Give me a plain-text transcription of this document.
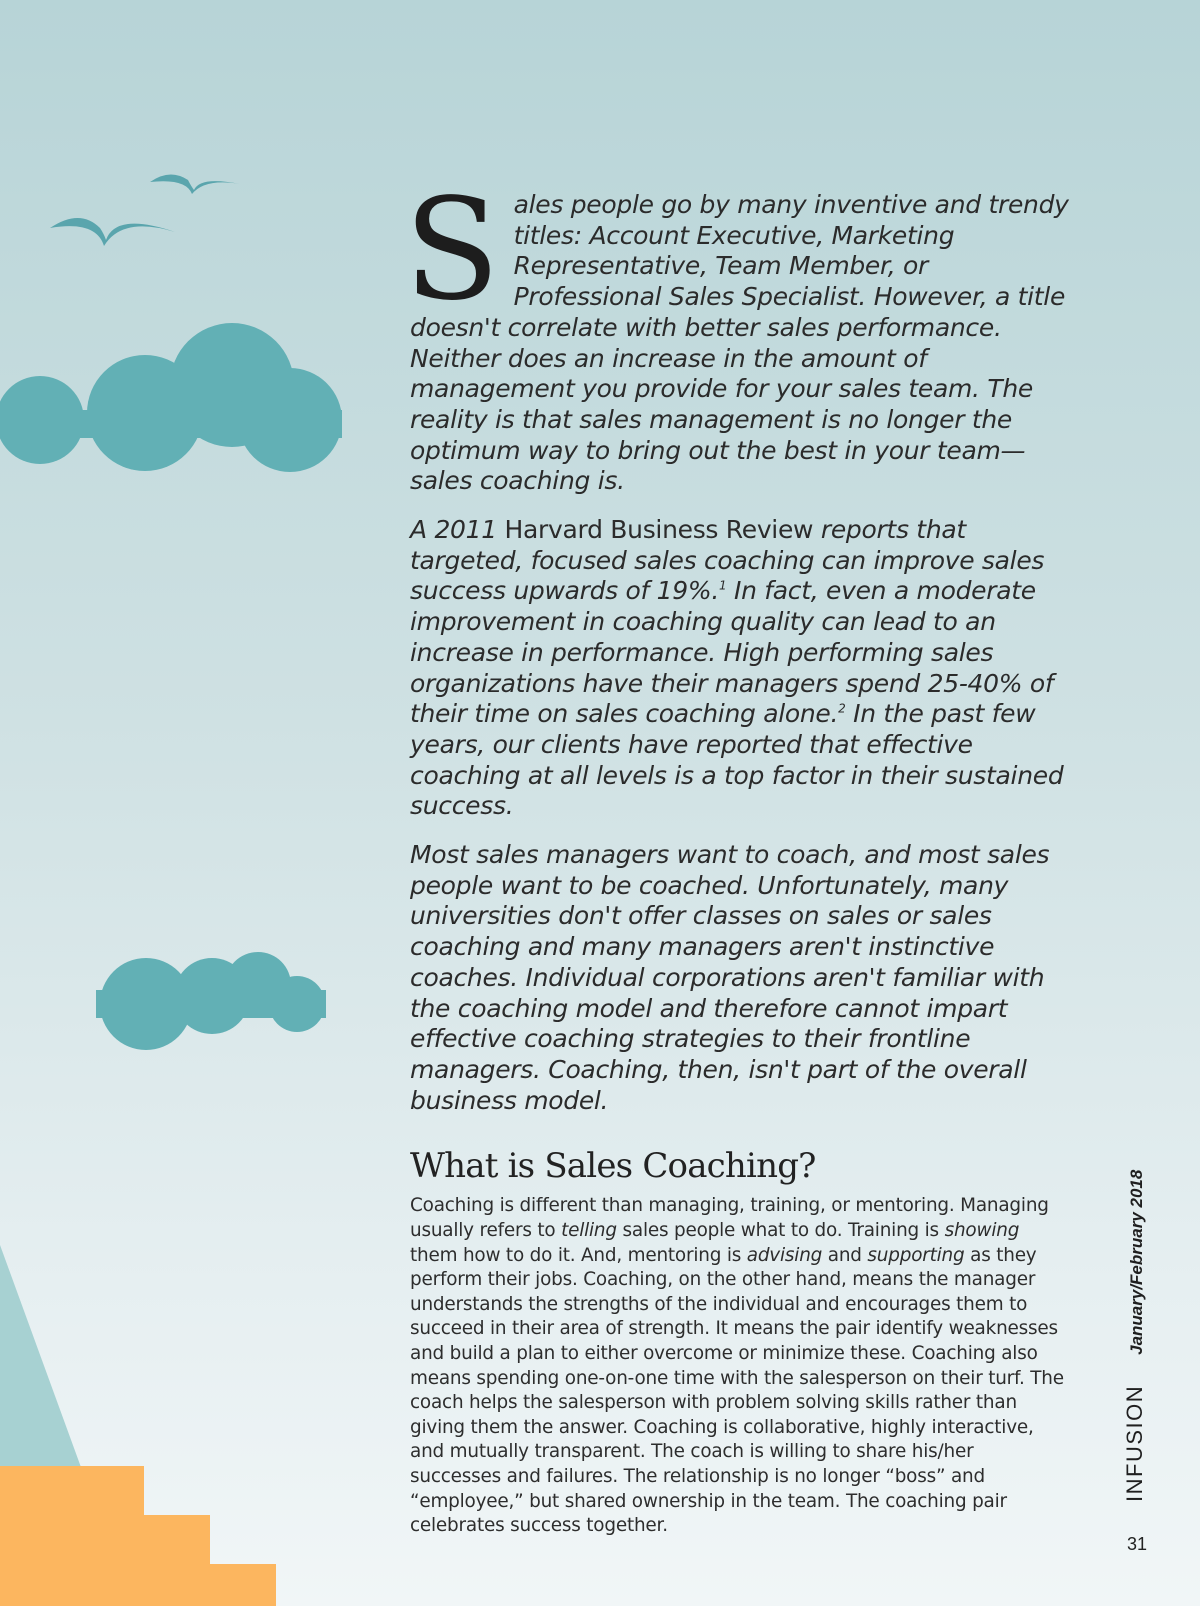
Sales people go by many inventive and trendy titles: Account Executive, Marketing Representative, Team Member, or Professional Sales Specialist. However, a title doesn't correlate with better sales performance. Neither does an increase in the amount of management you provide for your sales team. The reality is that sales management is no longer the optimum way to bring out the best in your team—sales coaching is.

A 2011 Harvard Business Review reports that targeted, focused sales coaching can improve sales success upwards of 19%.$^1$ In fact, even a moderate improvement in coaching quality can lead to an increase in performance. High performing sales organizations have their managers spend 25-40% of their time on sales coaching alone.$^2$ In the past few years, our clients have reported that effective coaching at all levels is a top factor in their sustained success.

Most sales managers want to coach, and most sales people want to be coached. Unfortunately, many universities don't offer classes on sales or sales coaching and many managers aren't instinctive coaches. Individual corporations aren't familiar with the coaching model and therefore cannot impart effective coaching strategies to their frontline managers. Coaching, then, isn't part of the overall business model.

What is Sales Coaching?

Coaching is different than managing, training, or mentoring. Managing usually refers to telling sales people what to do. Training is showing them how to do it. And, mentoring is advising and supporting as they perform their jobs. Coaching, on the other hand, means the manager understands the strengths of the individual and encourages them to succeed in their area of strength. It means the pair identify weaknesses and build a plan to either overcome or minimize these. Coaching also means spending one-on-one time with the salesperson on their turf. The coach helps the salesperson with problem solving skills rather than giving them the answer. Coaching is collaborative, highly interactive, and mutually transparent. The coach is willing to share his/her successes and failures. The relationship is no longer “boss” and “employee,” but shared ownership in the team. The coaching pair celebrates success together.

INFUSIONJanuary/February 2018
31
